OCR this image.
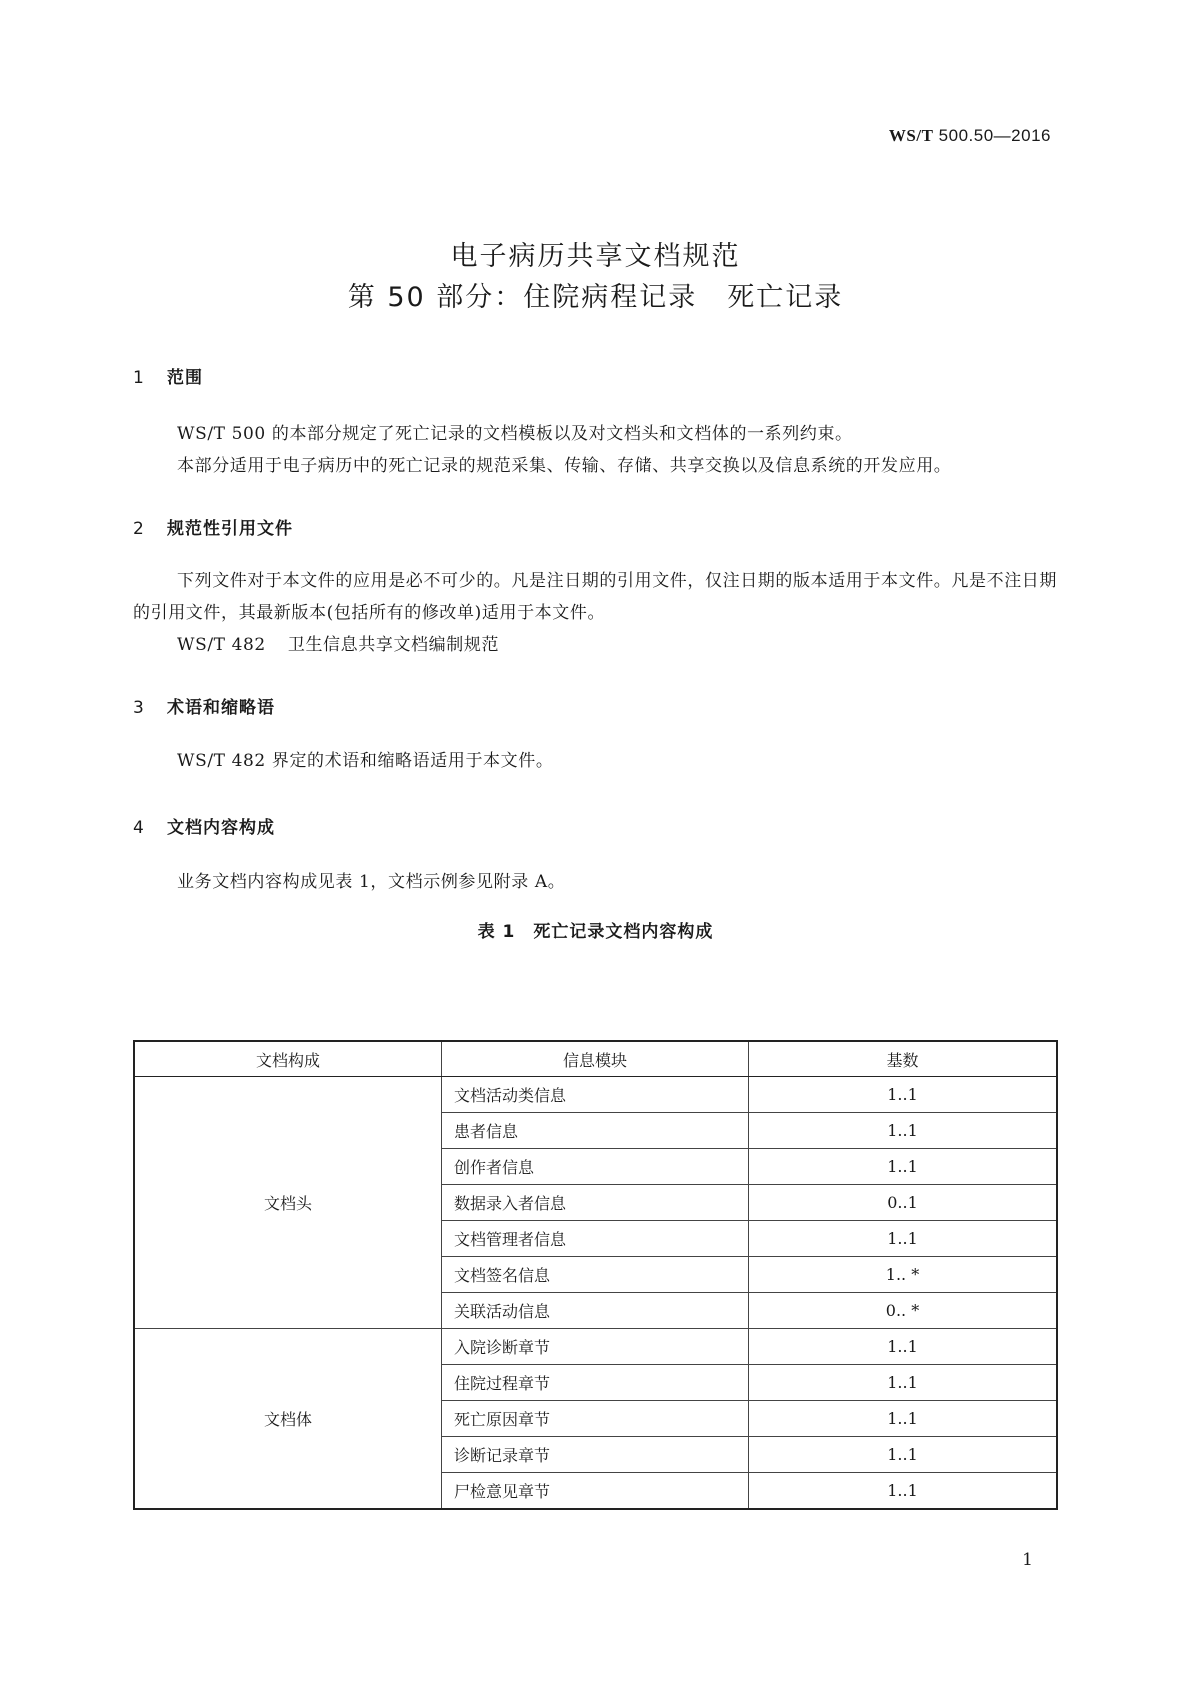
WS/T 500.50—2016
电子病历共享文档规范
第 50 部分：住院病程记录 死亡记录
1 范围
WS/T 500 的本部分规定了死亡记录的文档模板以及对文档头和文档体的一系列约束。
本部分适用于电子病历中的死亡记录的规范采集、传输、存储、共享交换以及信息系统的开发应用。
2 规范性引用文件
下列文件对于本文件的应用是必不可少的。凡是注日期的引用文件，仅注日期的版本适用于本文件。凡是不注日期的引用文件，其最新版本(包括所有的修改单)适用于本文件。
WS/T 482 卫生信息共享文档编制规范
3 术语和缩略语
WS/T 482 界定的术语和缩略语适用于本文件。
4 文档内容构成
业务文档内容构成见表 1，文档示例参见附录 A。
表 1 死亡记录文档内容构成
文档构成	信息模块	基数
文档头	文档活动类信息	1..1
	患者信息	1..1
	创作者信息	1..1
	数据录入者信息	0..1
	文档管理者信息	1..1
	文档签名信息	1.. *
	关联活动信息	0.. *
文档体	入院诊断章节	1..1
	住院过程章节	1..1
	死亡原因章节	1..1
	诊断记录章节	1..1
	尸检意见章节	1..1
1
